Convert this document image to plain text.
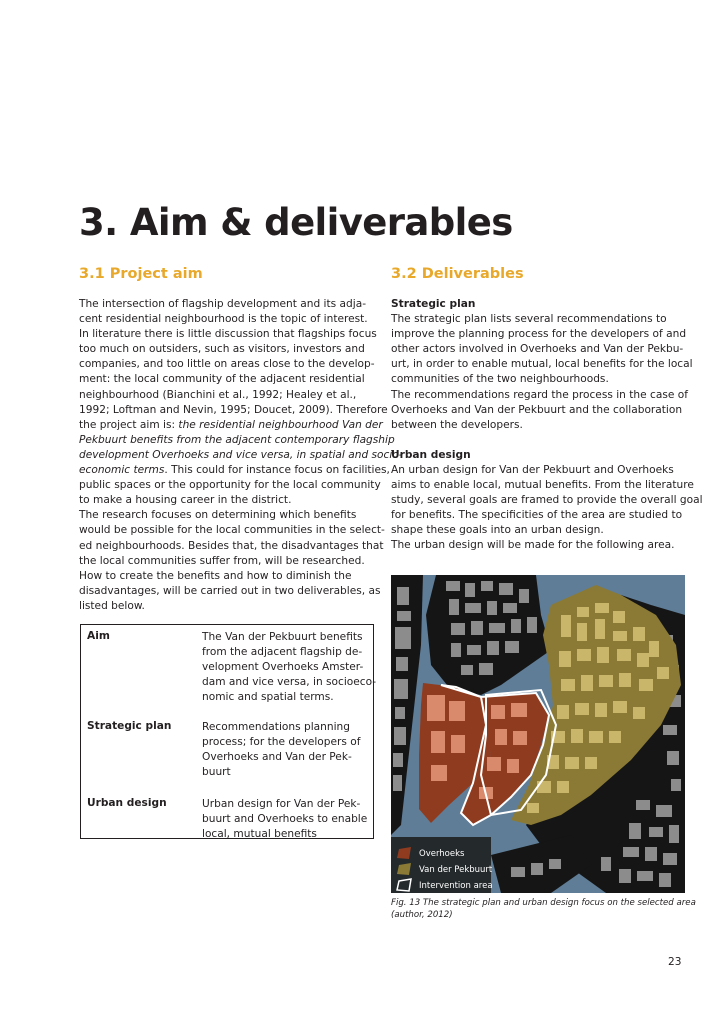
3. Aim & deliverables
3.1 Project aim
The intersection of flagship development and its adja-
cent residential neighbourhood is the topic of interest.
In literature there is little discussion that flagships focus
too much on outsiders, such as visitors, investors and
companies, and too little on areas close to the develop-
ment: the local community of the adjacent residential
neighbourhood (Bianchini et al., 1992; Healey et al.,
1992; Loftman and Nevin, 1995; Doucet, 2009). Therefore
the project aim is: the residential neighbourhood Van der
Pekbuurt benefits from the adjacent contemporary flagship
development Overhoeks and vice versa, in spatial and socio-
economic terms. This could for instance focus on facilities,
public spaces or the opportunity for the local community
to make a housing career in the district.
The research focuses on determining which benefits
would be possible for the local communities in the select-
ed neighbourhoods. Besides that, the disadvantages that
the local communities suffer from, will be researched.
How to create the benefits and how to diminish the
disadvantages, will be carried out in two deliverables, as
listed below.
3.2 Deliverables
Strategic plan
The strategic plan lists several recommendations to
improve the planning process for the developers of and
other actors involved in Overhoeks and Van der Pekbu-
urt, in order to enable mutual, local benefits for the local
communities of the two neighbourhoods.
The recommendations regard the process in the case of
Overhoeks and Van der Pekbuurt and the collaboration
between the developers.
Urban design
An urban design for Van der Pekbuurt and Overhoeks
aims to enable local, mutual benefits. From the literature
study, several goals are framed to provide the overall goal
for benefits. The specificities of the area are studied to
shape these goals into an urban design.
The urban design will be made for the following area.
Aim	The Van der Pekbuurt benefits
from the adjacent flagship de-
velopment Overhoeks Amster-
dam and vice versa, in socioeco-
nomic and spatial terms.
Strategic plan	Recommendations planning
process; for the developers of
Overhoeks and Van der Pek-
buurt
Urban design	Urban design for Van der Pek-
buurt and Overhoeks to enable
local, mutual benefits
Overhoeks
Van der Pekbuurt
Intervention area
Fig. 13 The strategic plan and urban design focus on the selected area
(author, 2012)
23
